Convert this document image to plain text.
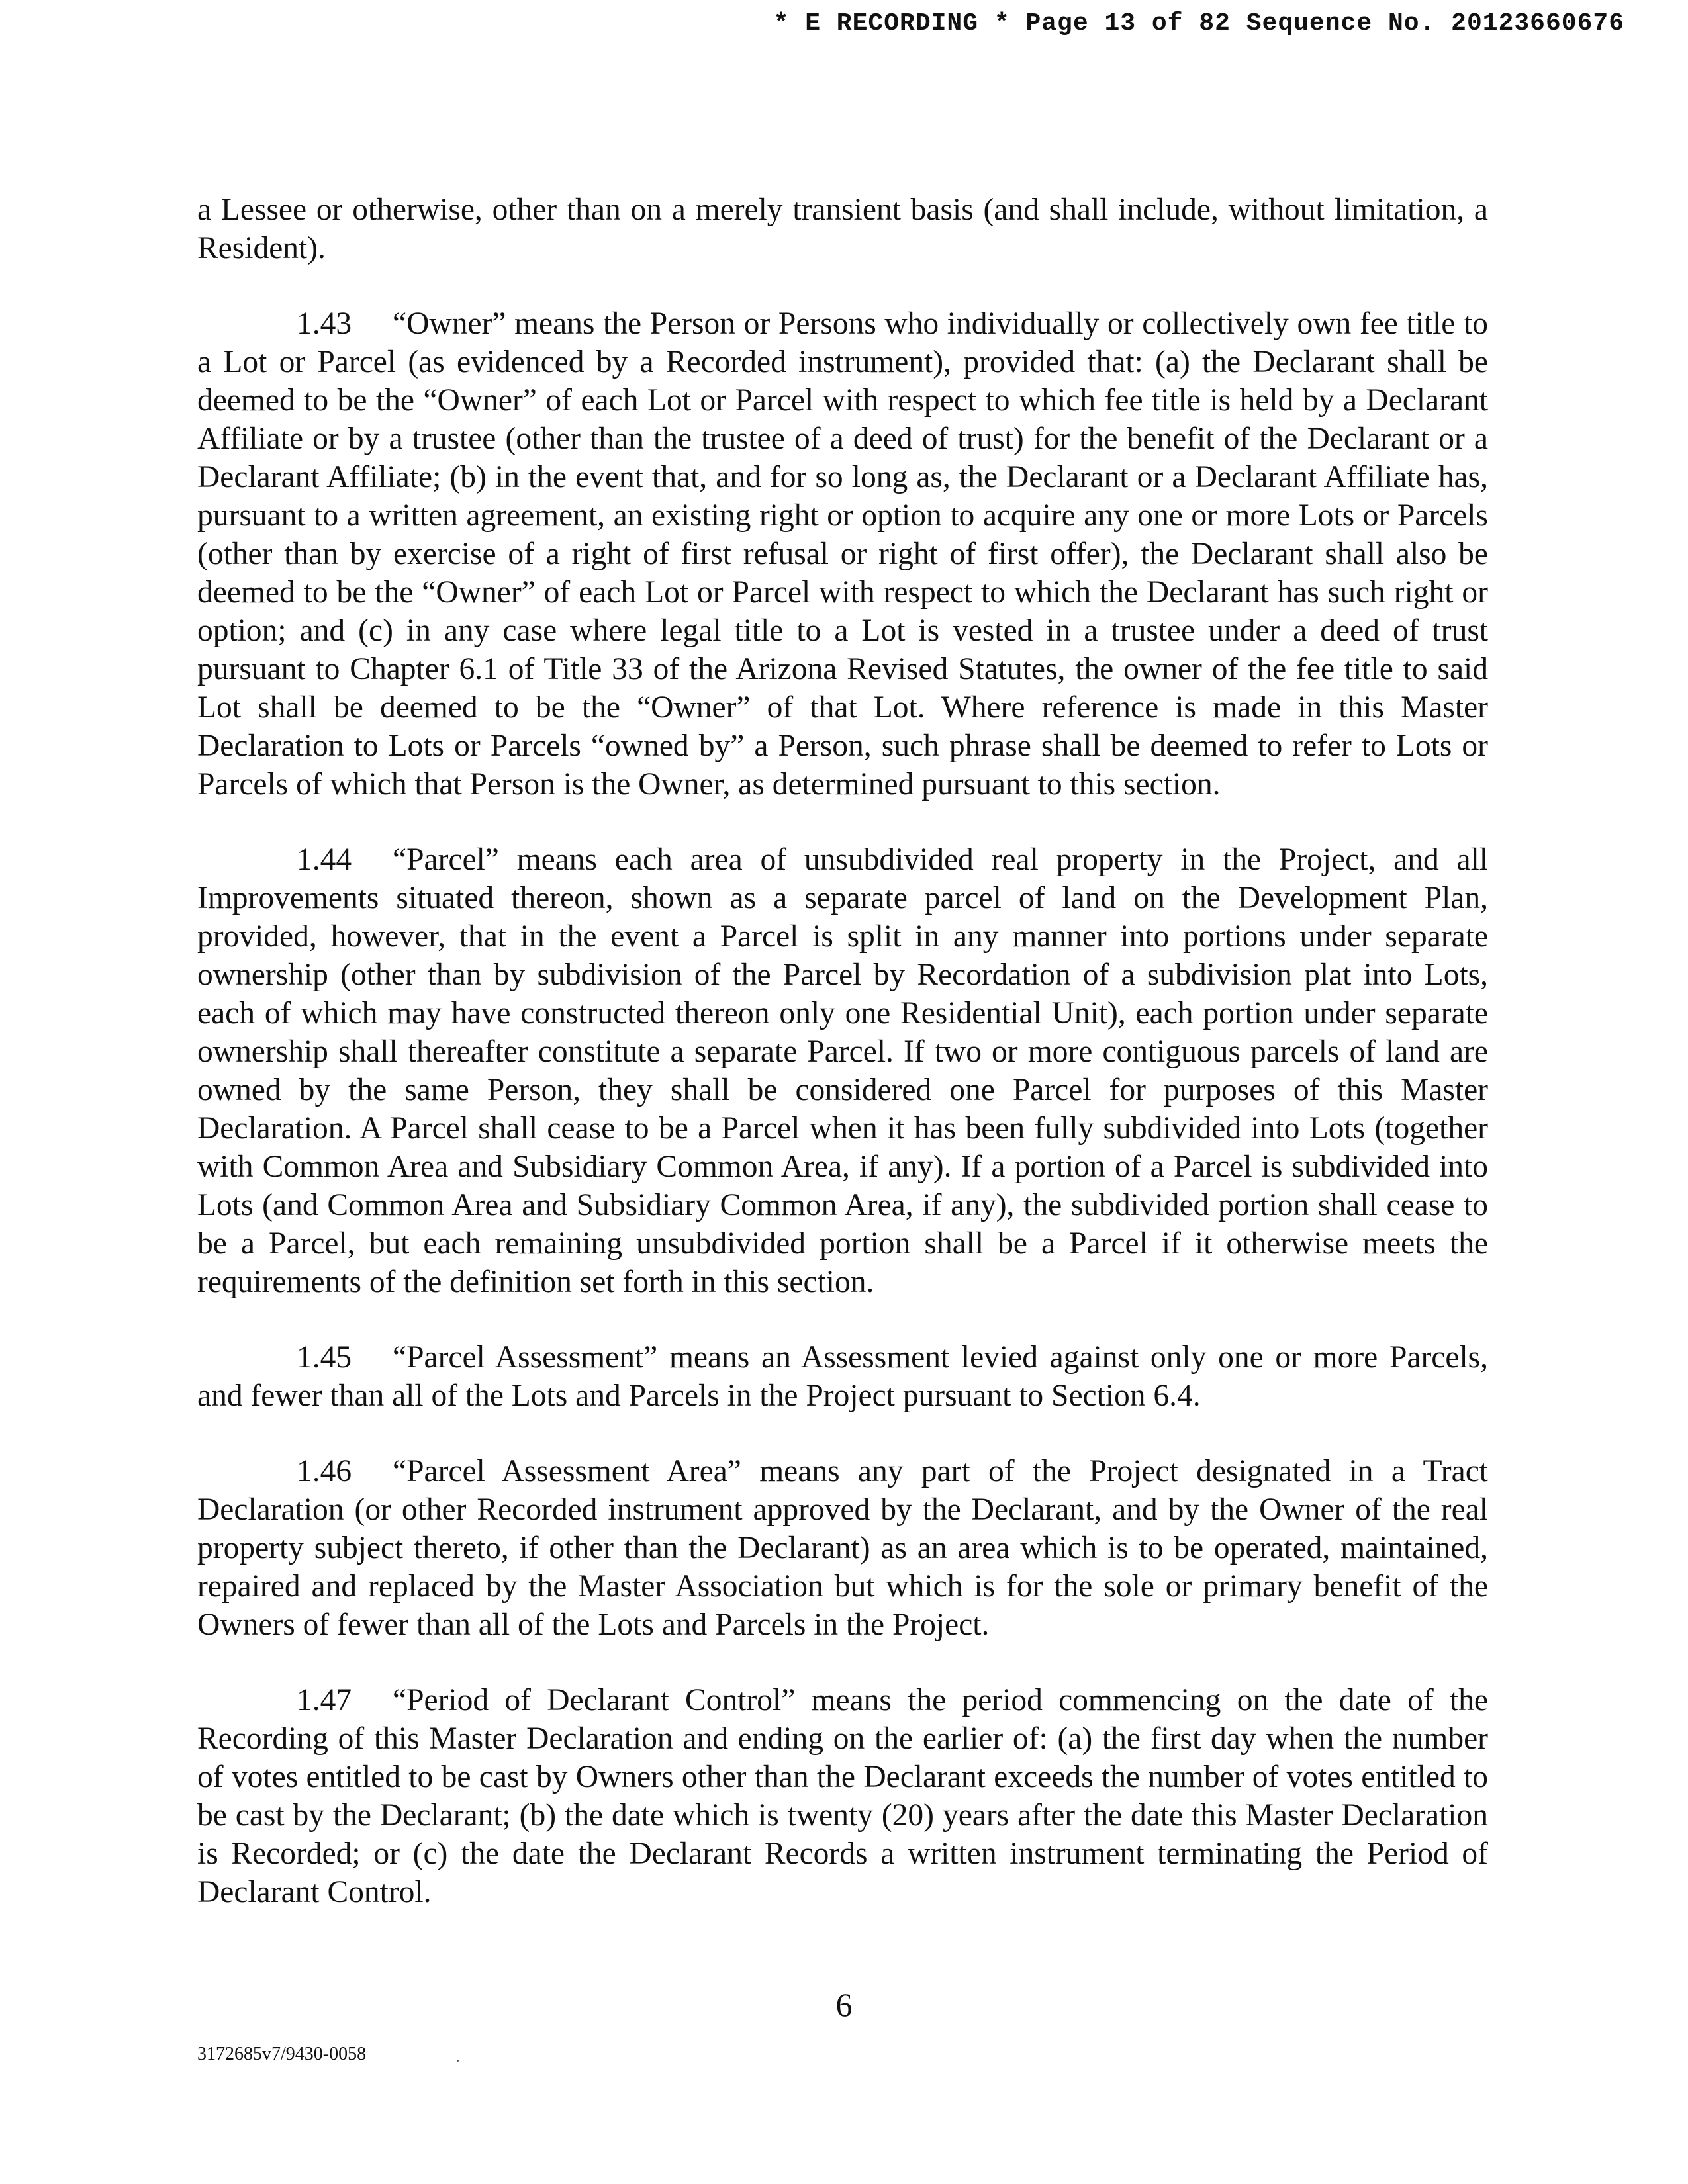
* E RECORDING * Page 13 of 82 Sequence No. 20123660676

a Lessee or otherwise, other than on a merely transient basis (and shall include, without limitation, a Resident).

1.43 “Owner” means the Person or Persons who individually or collectively own fee title to a Lot or Parcel (as evidenced by a Recorded instrument), provided that: (a) the Declarant shall be deemed to be the “Owner” of each Lot or Parcel with respect to which fee title is held by a Declarant Affiliate or by a trustee (other than the trustee of a deed of trust) for the benefit of the Declarant or a Declarant Affiliate; (b) in the event that, and for so long as, the Declarant or a Declarant Affiliate has, pursuant to a written agreement, an existing right or option to acquire any one or more Lots or Parcels (other than by exercise of a right of first refusal or right of first offer), the Declarant shall also be deemed to be the “Owner” of each Lot or Parcel with respect to which the Declarant has such right or option; and (c) in any case where legal title to a Lot is vested in a trustee under a deed of trust pursuant to Chapter 6.1 of Title 33 of the Arizona Revised Statutes, the owner of the fee title to said Lot shall be deemed to be the “Owner” of that Lot. Where reference is made in this Master Declaration to Lots or Parcels “owned by” a Person, such phrase shall be deemed to refer to Lots or Parcels of which that Person is the Owner, as determined pursuant to this section.

1.44 “Parcel” means each area of unsubdivided real property in the Project, and all Improvements situated thereon, shown as a separate parcel of land on the Development Plan, provided, however, that in the event a Parcel is split in any manner into portions under separate ownership (other than by subdivision of the Parcel by Recordation of a subdivision plat into Lots, each of which may have constructed thereon only one Residential Unit), each portion under separate ownership shall thereafter constitute a separate Parcel. If two or more contiguous parcels of land are owned by the same Person, they shall be considered one Parcel for purposes of this Master Declaration. A Parcel shall cease to be a Parcel when it has been fully subdivided into Lots (together with Common Area and Subsidiary Common Area, if any). If a portion of a Parcel is subdivided into Lots (and Common Area and Subsidiary Common Area, if any), the subdivided portion shall cease to be a Parcel, but each remaining unsubdivided portion shall be a Parcel if it otherwise meets the requirements of the definition set forth in this section.

1.45 “Parcel Assessment” means an Assessment levied against only one or more Parcels, and fewer than all of the Lots and Parcels in the Project pursuant to Section 6.4.

1.46 “Parcel Assessment Area” means any part of the Project designated in a Tract Declaration (or other Recorded instrument approved by the Declarant, and by the Owner of the real property subject thereto, if other than the Declarant) as an area which is to be operated, maintained, repaired and replaced by the Master Association but which is for the sole or primary benefit of the Owners of fewer than all of the Lots and Parcels in the Project.

1.47 “Period of Declarant Control” means the period commencing on the date of the Recording of this Master Declaration and ending on the earlier of: (a) the first day when the number of votes entitled to be cast by Owners other than the Declarant exceeds the number of votes entitled to be cast by the Declarant; (b) the date which is twenty (20) years after the date this Master Declaration is Recorded; or (c) the date the Declarant Records a written instrument terminating the Period of Declarant Control.

6
3172685v7/9430-0058
